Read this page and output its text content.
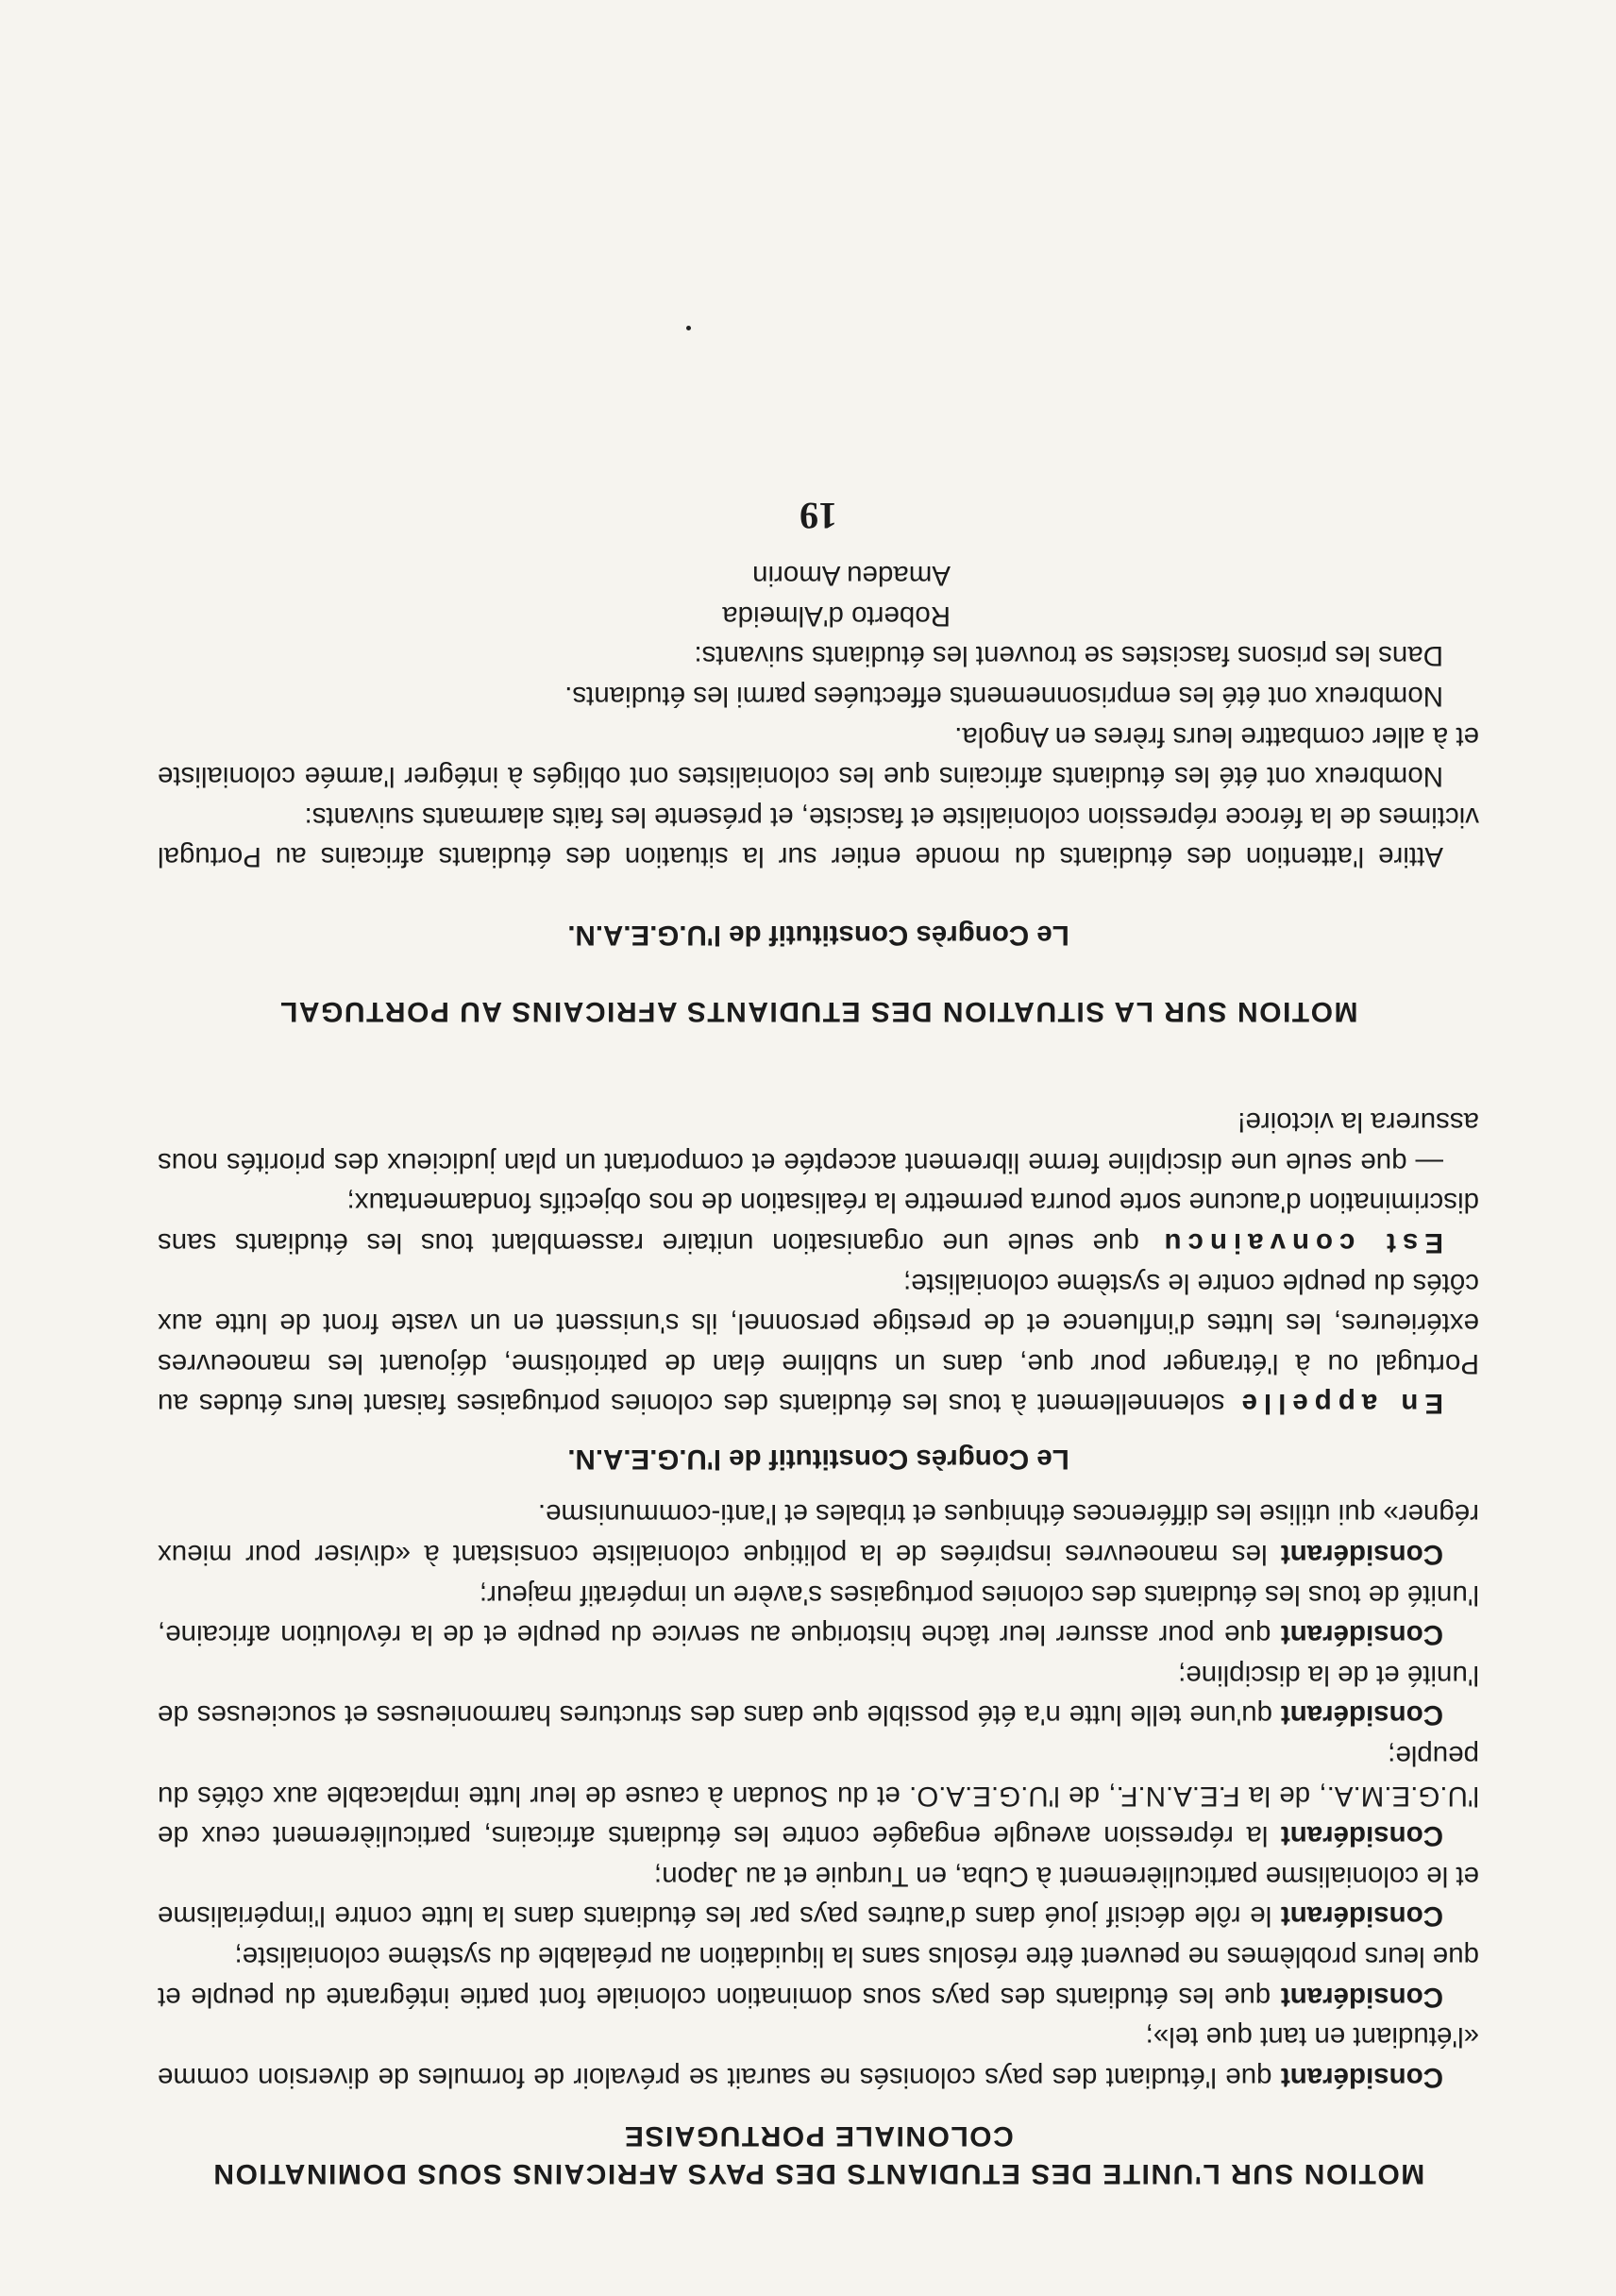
MOTION SUR L'UNITE DES ETUDIANTS DES PAYS AFRICAINS SOUS DOMINATION
COLONIALE PORTUGAISE

Considérant que l'étudiant des pays colonisés ne saurait se prévaloir de formules de diversion comme «l'étudiant en tant que tel»;

Considérant que les étudiants des pays sous domination coloniale font partie intégrante du peuple et que leurs problèmes ne peuvent être résolus sans la liquidation au préalable du système colonialiste;

Considérant le rôle décisif joué dans d'autres pays par les étudiants dans la lutte contre l'impérialisme et le colonialisme particulièrement à Cuba, en Turquie et au Japon;

Considérant la répression aveugle engagée contre les étudiants africains, particulièrement ceux de l'U.G.E.M.A., de la F.E.A.N.F., de l'U.G.E.A.O. et du Soudan à cause de leur lutte implacable aux côtés du peuple;

Considérant qu'une telle lutte n'a été possible que dans des structures harmonieuses et soucieuses de l'unité et de la discipline;

Considérant que pour assurer leur tâche historique au service du peuple et de la révolution africaine, l'unité de tous les étudiants des colonies portugaises s'avère un impératif majeur;

Considérant les manoeuvres inspirées de la politique colonialiste consistant à «diviser pour mieux régner» qui utilise les différences éthniques et tribales et l'anti-communisme.

Le Congrès Constitutif de l'U.G.E.A.N.

En appelle solennellement à tous les étudiants des colonies portugaises faisant leurs études au Portugal ou à l'étranger pour que, dans un sublime élan de patriotisme, déjouant les manoeuvres extérieures, les luttes d'influence et de prestige personnel, ils s'unissent en un vaste front de lutte aux côtés du peuple contre le système colonialiste;

Est convaincu que seule une organisation unitaire rassemblant tous les étudiants sans discrimination d'aucune sorte pourra permettre la réalisation de nos objectifs fondamentaux;

— que seule une discipline ferme librement acceptée et comportant un plan judicieux des priorités nous assurera la victoire!

MOTION SUR LA SITUATION DES ETUDIANTS AFRICAINS AU PORTUGAL

Le Congrès Constitutif de l'U.G.E.A.N.

Attire l'attention des étudiants du monde entier sur la situation des étudiants africains au Portugal victimes de la féroce répression colonialiste et fasciste, et présente les faits alarmants suivants:

Nombreux ont été les étudiants africains que les colonialistes ont obligés à intégrer l'armée colonialiste et à aller combattre leurs frères en Angola.

Nombreux ont été les emprisonnements effectuées parmi les étudiants.

Dans les prisons fascistes se trouvent les étudiants suivants:

Roberto d'Almeida

Amadeu Amorin

19
